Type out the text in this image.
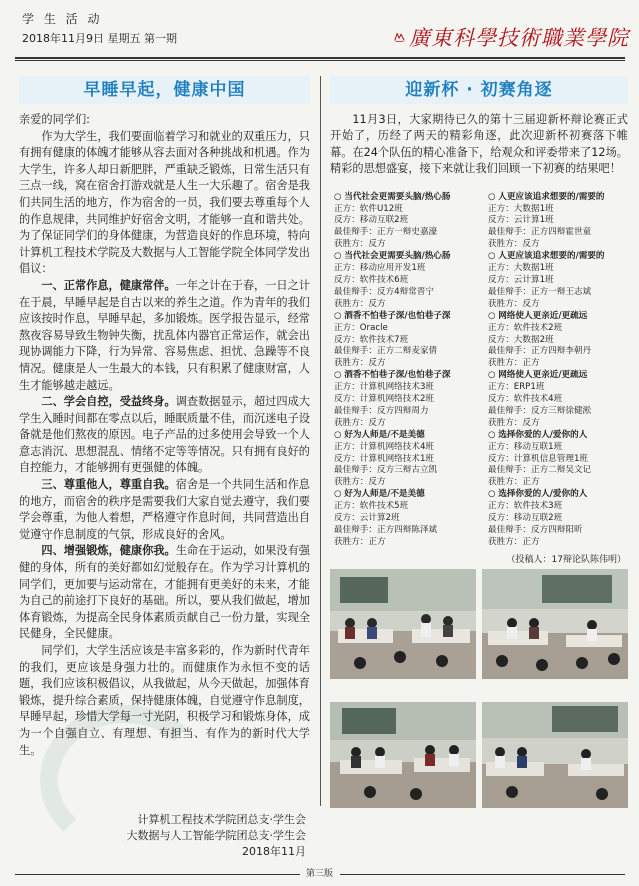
学 生 活 动
2018年11月9日 星期五 第一期	廣東科學技術職業學院
早睡早起，健康中国

亲爱的同学们:

作为大学生，我们要面临着学习和就业的双重压力，只有拥有健康的体魄才能够从容去面对各种挑战和机遇。作为大学生，许多人却日新肥胖，严重缺乏锻炼，日常生活只有三点一线，窝在宿舍打游戏就是人生一大乐趣了。宿舍是我们共同生活的地方，作为宿舍的一员，我们要去尊重每个人的作息规律，共同维护好宿舍文明，才能够一直和谐共处。为了保证同学们的身体健康，为营造良好的作息环境，特向计算机工程技术学院及大数据与人工智能学院全体同学发出倡议：

一、正常作息，健康常伴。一年之计在于春，一日之计在于晨，早睡早起是自古以来的养生之道。作为青年的我们应该按时作息，早睡早起，多加锻炼。医学报告显示，经常熬夜容易导致生物钟失衡，扰乱体内器官正常运作，就会出现协调能力下降，行为异常、容易焦虑、担忧、急躁等不良情况。健康是人一生最大的本钱，只有积累了健康财富，人生才能够越走越远。

二、学会自控，受益终身。调查数据显示，超过四成大学生入睡时间都在零点以后，睡眠质量不佳，而沉迷电子设备就是他们熬夜的原因。电子产品的过多使用会导致一个人意志消沉、思想混乱、情绪不定等等情况。只有拥有良好的自控能力，才能够拥有更强健的体魄。

三、尊重他人，尊重自我。宿舍是一个共同生活和作息的地方，而宿舍的秩序是需要我们大家自觉去遵守，我们要学会尊重，为他人着想，严格遵守作息时间，共同营造出自觉遵守作息制度的气氛，形成良好的舍风。

四、增强锻炼，健康你我。生命在于运动，如果没有强健的身体，所有的美好都如幻觉般存在。作为学习计算机的同学们，更加要与运动常在，才能拥有更美好的未来，才能为自己的前途打下良好的基础。所以，要从我们做起，增加体育锻炼，为提高全民身体素质贡献自己一份力量，实现全民健身，全民健康。

同学们，大学生活应该是丰富多彩的，作为新时代青年的我们，更应该是身强力壮的。而健康作为永恒不变的话题，我们应该积极倡议，从我做起，从今天做起，加强体育锻炼，提升综合素质，保持健康体魄，自觉遵守作息制度，早睡早起，珍惜大学每一寸光阴，积极学习和锻炼身体，成为一个自强自立、有理想、有担当、有作为的新时代大学生。

计算机工程技术学院团总支·学生会
大数据与人工智能学院团总支·学生会
2018年11月
迎新杯 · 初赛角逐

11月3日，大家期待已久的第十三届迎新杯辩论赛正式开始了，历经了两天的精彩角逐，此次迎新杯初赛落下帷幕。在24个队伍的精心准备下，给观众和评委带来了12场。精彩的思想盛宴，接下来就让我们回顾一下初赛的结果吧！

○ 当代社会更需要头脑/热心肠
正方：软件U12班
反方：移动互联2班
最佳辩手：正方一辩史嘉濠
获胜方：反方
○ 当代社会更需要头脑/热心肠
正方：移动应用开发1班
反方：软件技术6班
最佳辩手：反方4辩常晋宁
获胜方：反方
○ 酒香不怕巷子深/也怕巷子深
正方：Oracle
反方：软件技术7班
最佳辩手：正方二辩麦家倩
获胜方：反方
○ 酒香不怕巷子深/也怕巷子深
正方：计算机网络技术3班
反方：计算机网络技术2班
最佳辩手：反方四辩周力
获胜方：反方
○ 好为人师是/不是美德
正方：计算机网络技术4班
反方：计算机网络技术1班
最佳辩手：反方三辩古立凯
获胜方：反方
○ 好为人师是/不是美德
正方：软件技术5班
反方：云计算2班
最佳辩手：正方四辩陈泽斌
获胜方：正方
○ 人更应该追求想要的/需要的
正方：大数据1班
反方：云计算1班
最佳辩手：正方四辩霍世童
获胜方：反方
○ 人更应该追求想要的/需要的
正方：大数据1班
反方：云计算1班
最佳辩手：正方一辩王志斌
获胜方：反方
○ 网络使人更亲近/更疏远
正方：软件技术2班
反方：大数据2班
最佳辩手：正方四辩李朝丹
获胜方：正方
○ 网络使人更亲近/更疏远
正方：ERP1班
反方：软件技术4班
最佳辩手：反方三辩徐健淞
获胜方：反方
○ 选择你爱的人/爱你的人
正方：移动互联1班
反方：计算机信息管理1班
最佳辩手：正方二辩吴文记
获胜方：正方
○ 选择你爱的人/爱你的人
正方：软件技术3班
反方：移动互联2班
最佳辩手：反方四辩阳昕
获胜方：正方
（投稿人：17辩论队陈伟明）
第三版
